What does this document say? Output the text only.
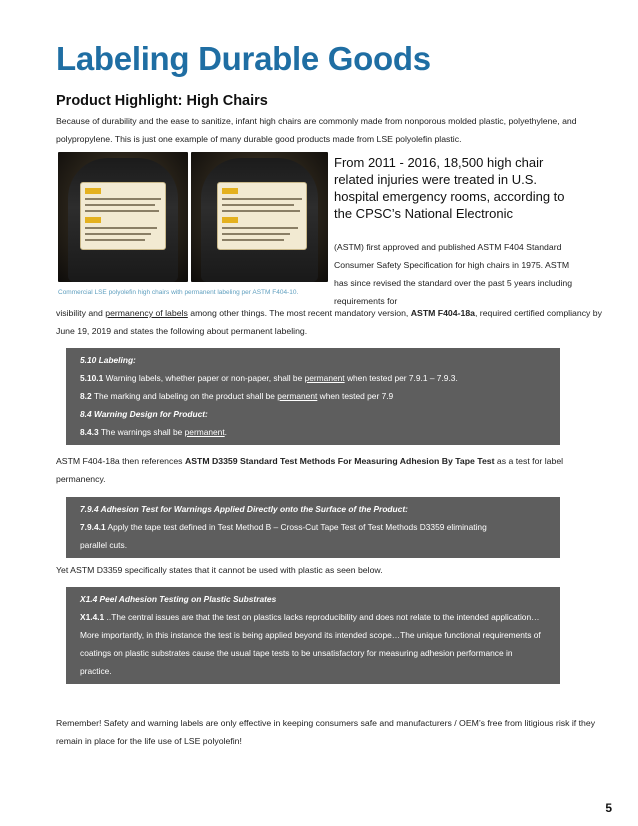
Labeling Durable Goods
Product Highlight: High Chairs

Because of durability and the ease to sanitize, infant high chairs are commonly made from nonporous molded plastic, polyethylene, and polypropylene. This is just one example of many durable good products made from LSE polyolefin plastic.

Commercial LSE polyolefin high chairs with permanent labeling per ASTM F404-10.

From 2011 - 2016, 18,500 high chair related injuries were treated in U.S. hospital emergency rooms, according to the CPSC’s National Electronic

(ASTM) first approved and published ASTM F404 Standard Consumer Safety Specification for high chairs in 1975. ASTM has since revised the standard over the past 5 years including requirements for

visibility and permanency of labels among other things. The most recent mandatory version, ASTM F404-18a, required certified compliancy by June 19, 2019 and states the following about permanent labeling.

5.10 Labeling:
5.10.1 Warning labels, whether paper or non-paper, shall be permanent when tested per 7.9.1 – 7.9.3.
8.2 The marking and labeling on the product shall be permanent when tested per 7.9
8.4 Warning Design for Product:
8.4.3 The warnings shall be permanent.

ASTM F404-18a then references ASTM D3359 Standard Test Methods For Measuring Adhesion By Tape Test as a test for label permanency.

7.9.4 Adhesion Test for Warnings Applied Directly onto the Surface of the Product:
7.9.4.1 Apply the tape test defined in Test Method B – Cross-Cut Tape Test of Test Methods D3359 eliminating parallel cuts.

Yet ASTM D3359 specifically states that it cannot be used with plastic as seen below.

X1.4 Peel Adhesion Testing on Plastic Substrates
X1.4.1 ..The central issues are that the test on plastics lacks reproducibility and does not relate to the intended application…More importantly, in this instance the test is being applied beyond its intended scope…The unique functional requirements of coatings on plastic substrates cause the usual tape tests to be unsatisfactory for measuring adhesion performance in practice.

Remember! Safety and warning labels are only effective in keeping consumers safe and manufacturers / OEM’s free from litigious risk if they remain in place for the life use of LSE polyolefin!

5
